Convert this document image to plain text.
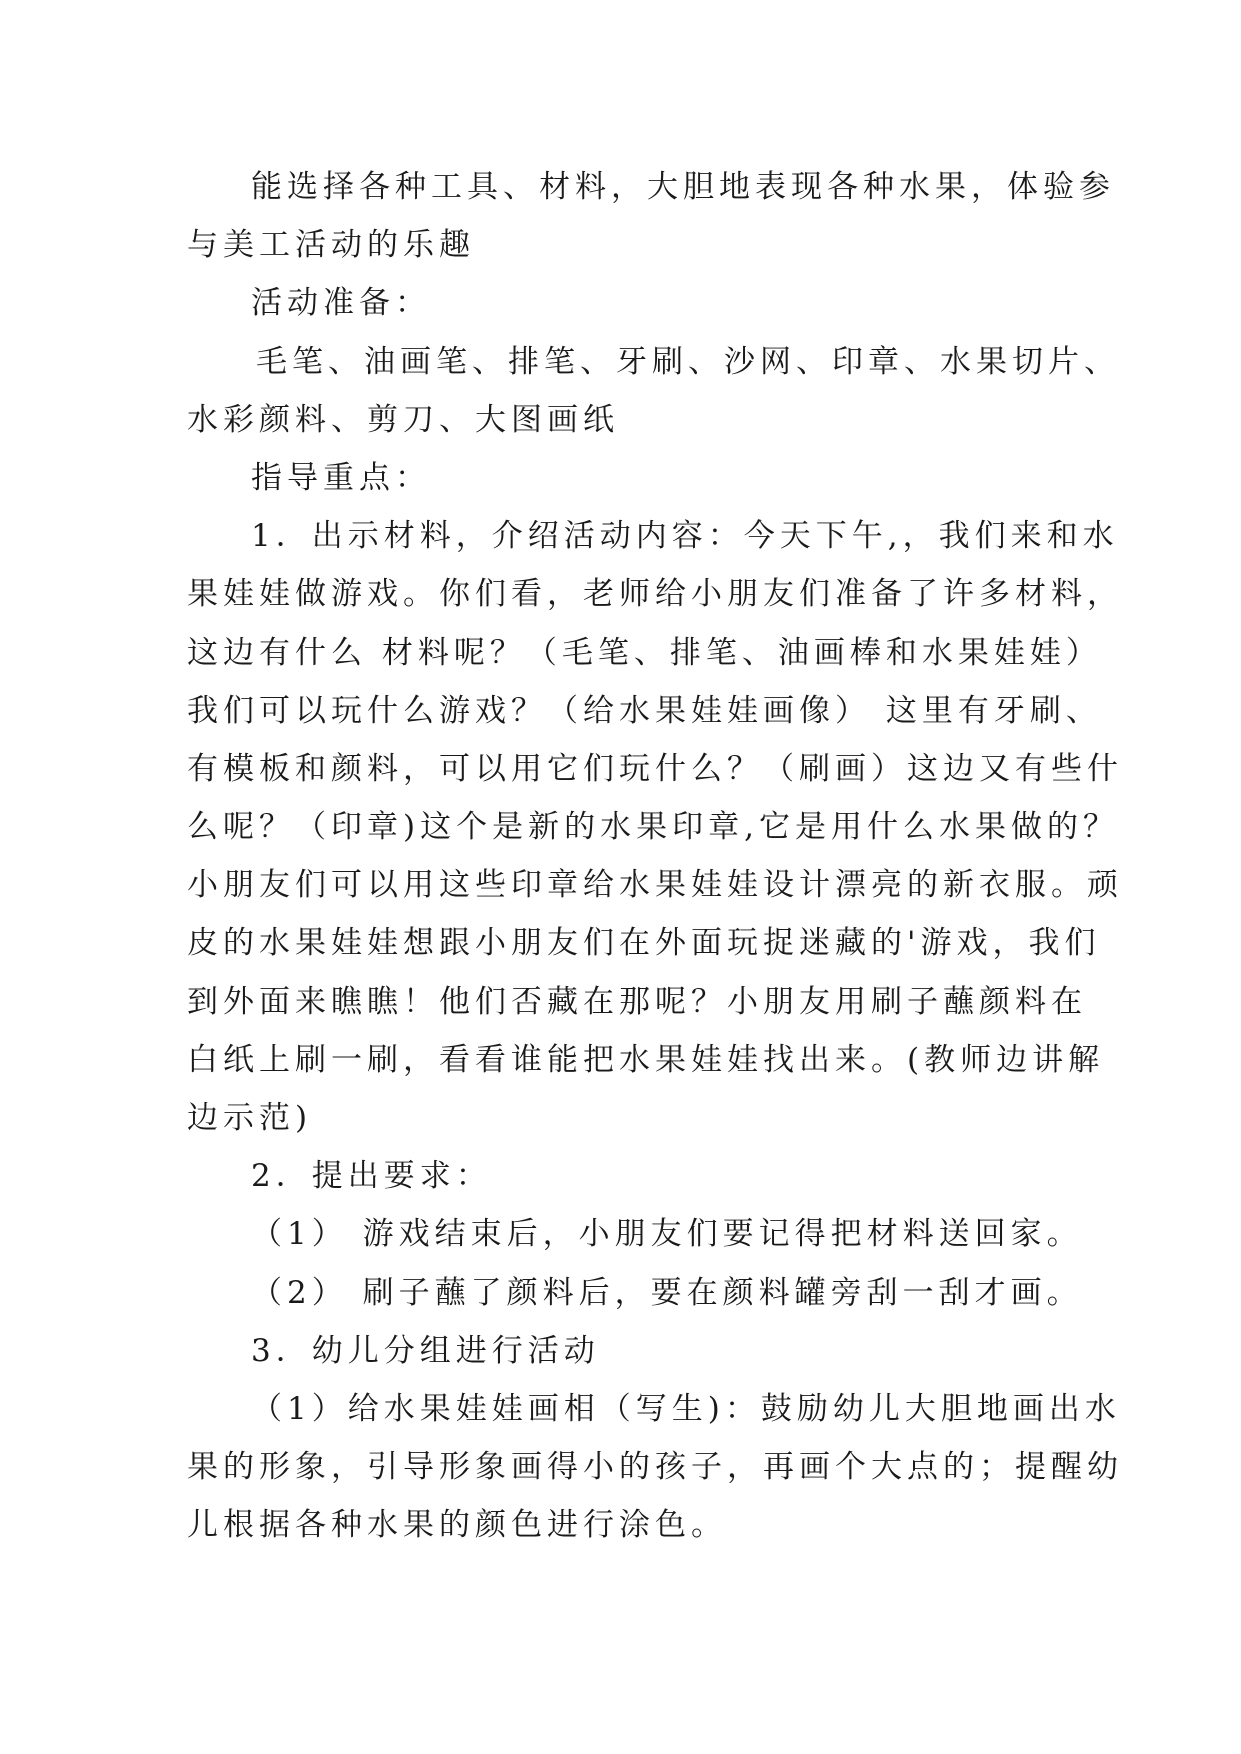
能选择各种工具、材料，大胆地表现各种水果，体验参
与美工活动的乐趣
活动准备：
毛笔、油画笔、排笔、牙刷、沙网、印章、水果切片、
水彩颜料、剪刀、大图画纸
指导重点：
1．出示材料，介绍活动内容：今天下午,，我们来和水
果娃娃做游戏。你们看，老师给小朋友们准备了许多材料，
这边有什么 材料呢？（毛笔、排笔、油画棒和水果娃娃）
我们可以玩什么游戏？（给水果娃娃画像） 这里有牙刷、
有模板和颜料，可以用它们玩什么？（刷画）这边又有些什
么呢？（印章)这个是新的水果印章,它是用什么水果做的？
小朋友们可以用这些印章给水果娃娃设计漂亮的新衣服。顽
皮的水果娃娃想跟小朋友们在外面玩捉迷藏的'游戏，我们
到外面来瞧瞧！他们否藏在那呢？小朋友用刷子蘸颜料在
白纸上刷一刷，看看谁能把水果娃娃找出来。(教师边讲解
边示范)
2．提出要求：
（1） 游戏结束后，小朋友们要记得把材料送回家。
（2） 刷子蘸了颜料后，要在颜料罐旁刮一刮才画。
3．幼儿分组进行活动
（1）给水果娃娃画相（写生)：鼓励幼儿大胆地画出水
果的形象，引导形象画得小的孩子，再画个大点的；提醒幼
儿根据各种水果的颜色进行涂色。
